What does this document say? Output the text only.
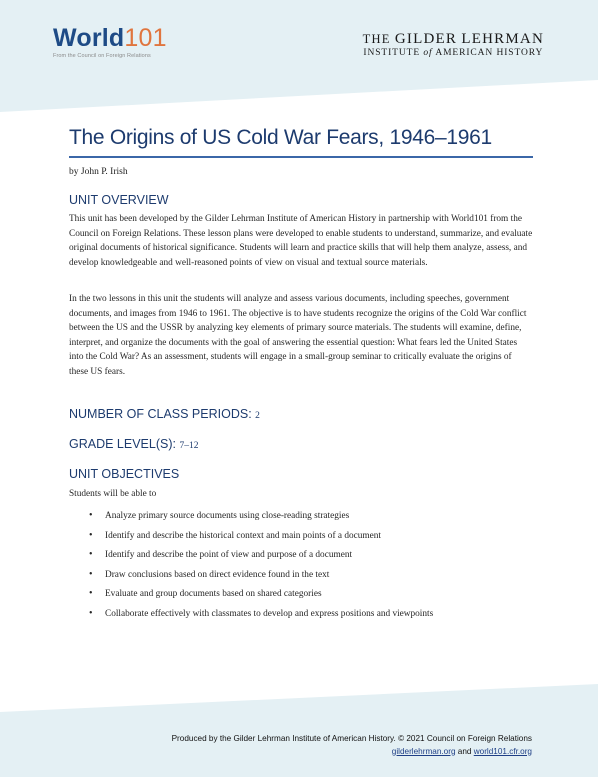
World101
From the Council on Foreign Relations
THE GILDER LEHRMAN
INSTITUTE of AMERICAN HISTORY
The Origins of US Cold War Fears, 1946–1961
by John P. Irish
UNIT OVERVIEW
This unit has been developed by the Gilder Lehrman Institute of American History in partnership with World101 from the Council on Foreign Relations. These lesson plans were developed to enable students to understand, summarize, and evaluate original documents of historical significance. Students will learn and practice skills that will help them analyze, assess, and develop knowledgeable and well-reasoned points of view on visual and textual source materials.
In the two lessons in this unit the students will analyze and assess various documents, including speeches, government documents, and images from 1946 to 1961. The objective is to have students recognize the origins of the Cold War conflict between the US and the USSR by analyzing key elements of primary source materials. The students will examine, define, interpret, and organize the documents with the goal of answering the essential question: What fears led the United States into the Cold War? As an assessment, students will engage in a small-group seminar to critically evaluate the origins of these US fears.
NUMBER OF CLASS PERIODS: 2
GRADE LEVEL(S): 7–12
UNIT OBJECTIVES
Students will be able to
• Analyze primary source documents using close-reading strategies
• Identify and describe the historical context and main points of a document
• Identify and describe the point of view and purpose of a document
• Draw conclusions based on direct evidence found in the text
• Evaluate and group documents based on shared categories
• Collaborate effectively with classmates to develop and express positions and viewpoints
Produced by the Gilder Lehrman Institute of American History. © 2021 Council on Foreign Relations
gilderlehrman.org and world101.cfr.org
